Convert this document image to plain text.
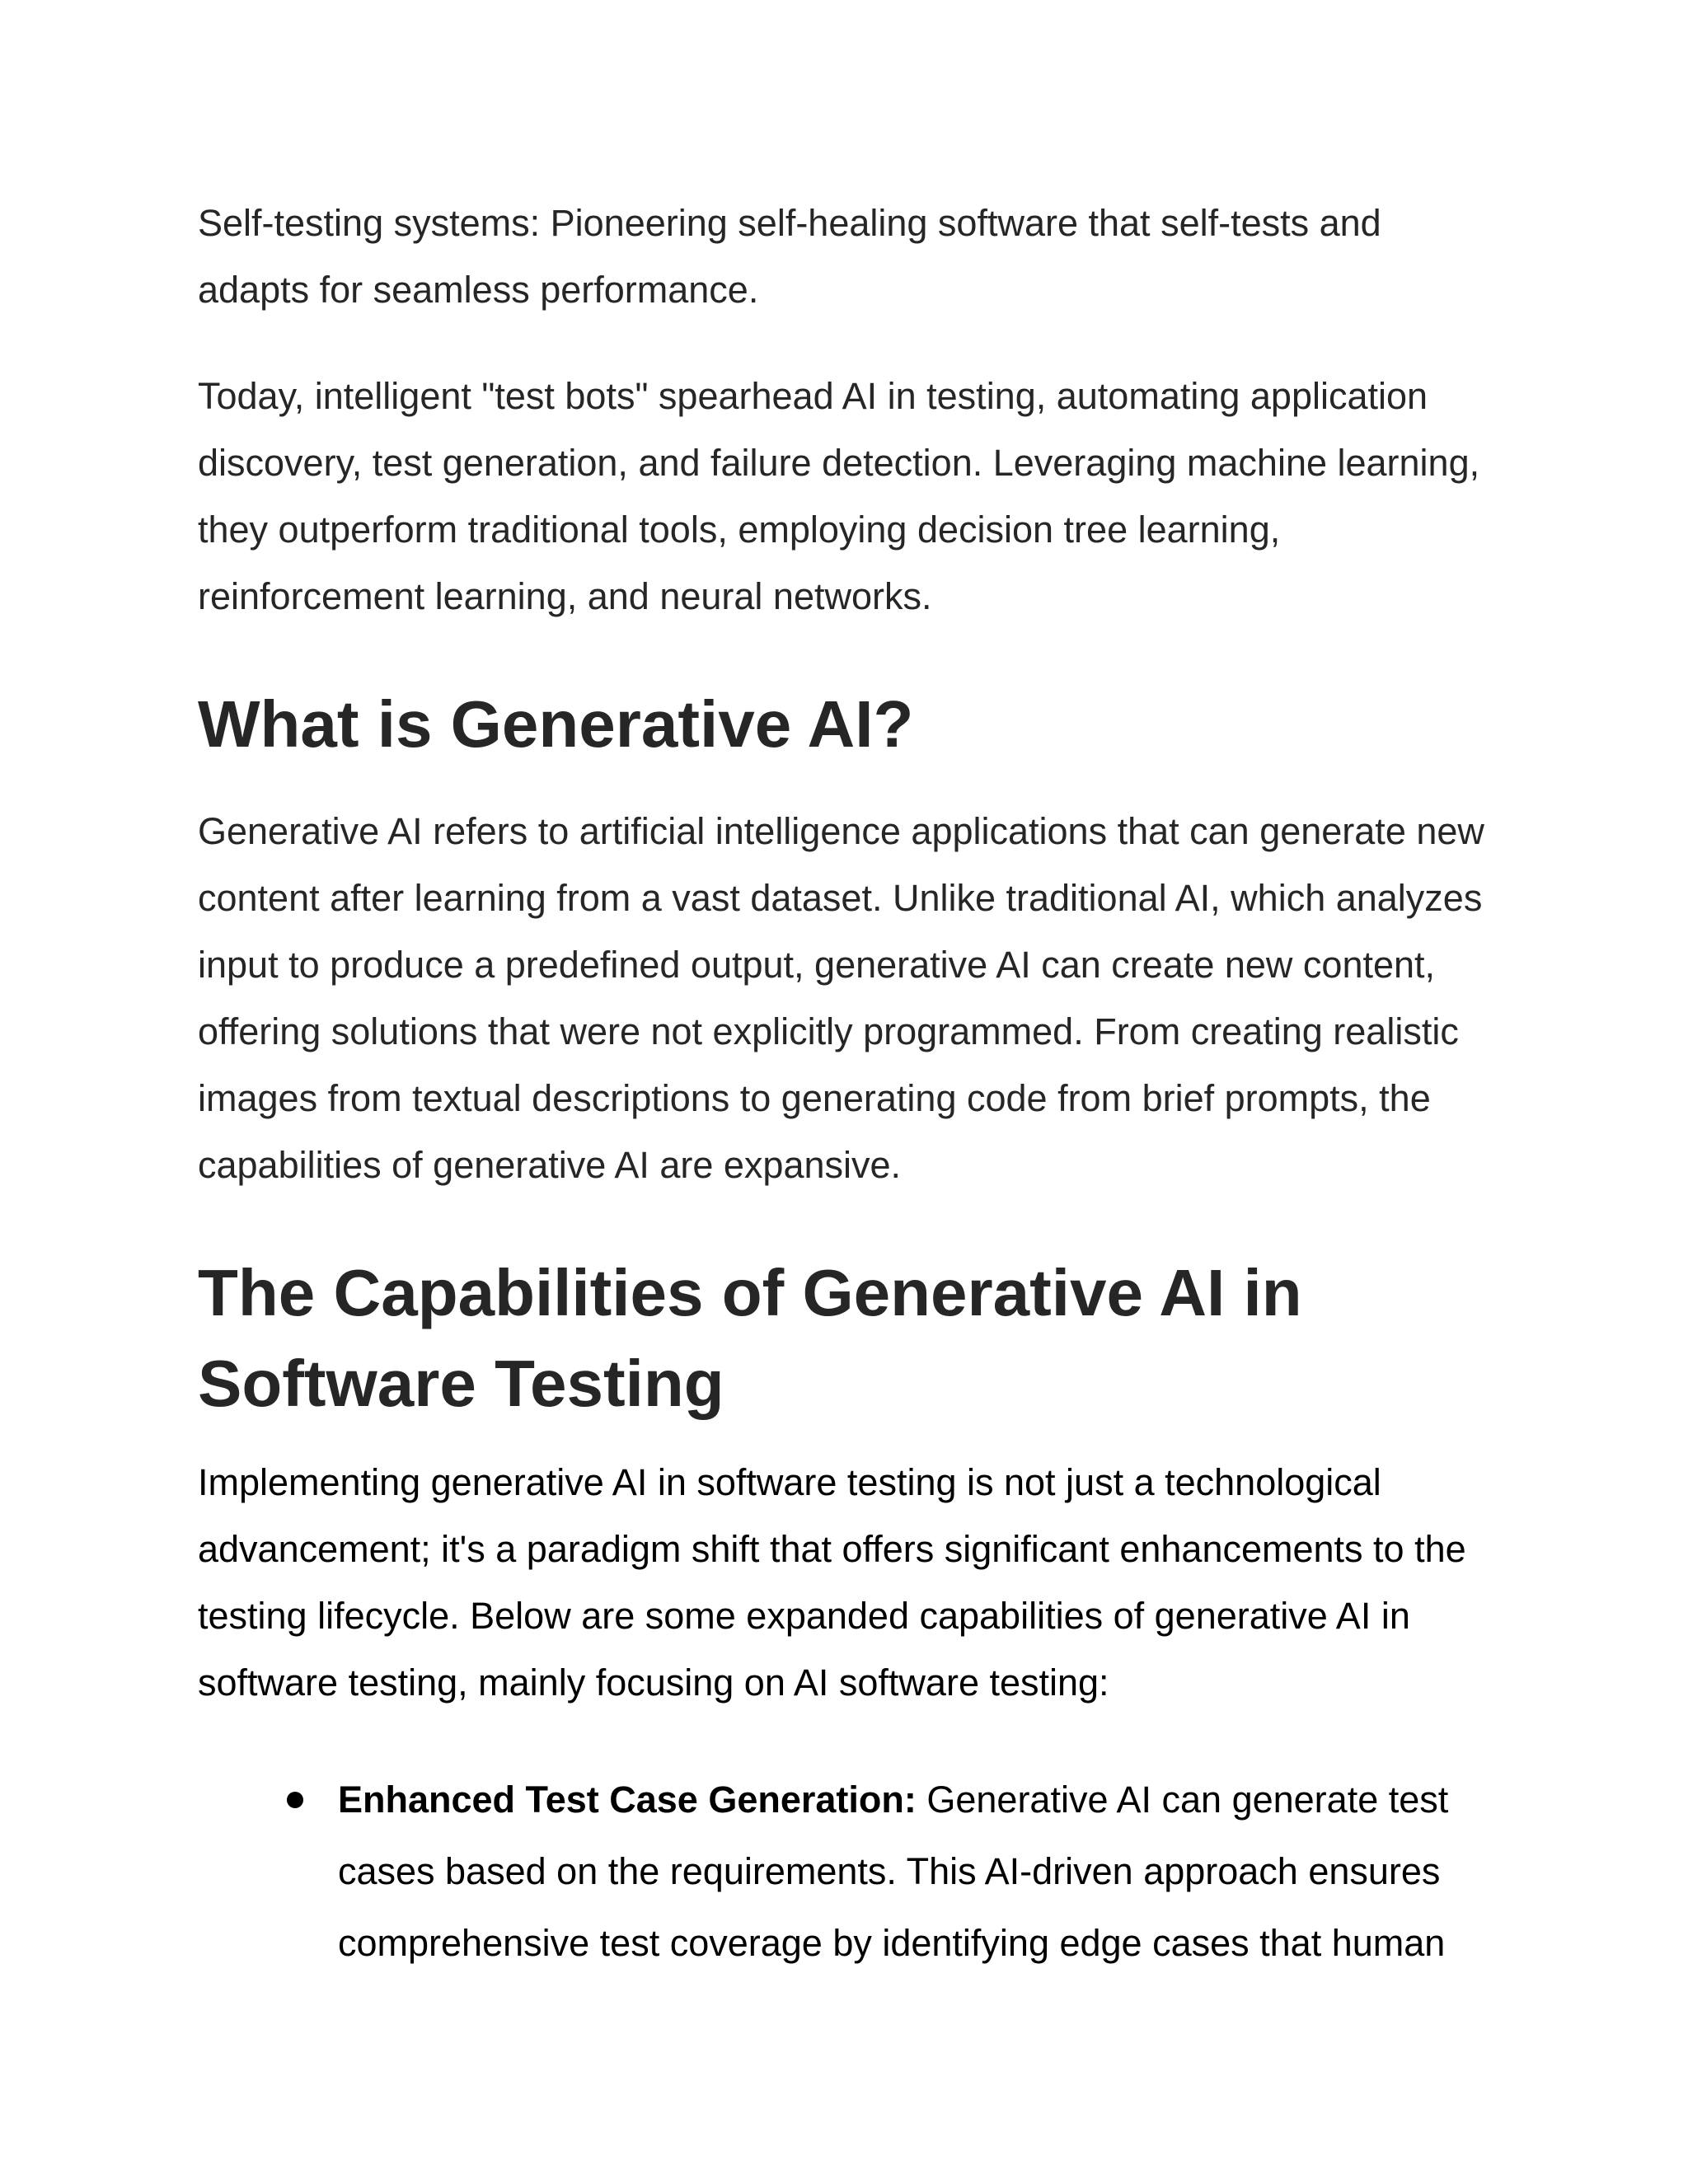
Self-testing systems: Pioneering self-healing software that self-tests and adapts for seamless performance.

Today, intelligent "test bots" spearhead AI in testing, automating application discovery, test generation, and failure detection. Leveraging machine learning, they outperform traditional tools, employing decision tree learning, reinforcement learning, and neural networks.

What is Generative AI?

Generative AI refers to artificial intelligence applications that can generate new content after learning from a vast dataset. Unlike traditional AI, which analyzes input to produce a predefined output, generative AI can create new content, offering solutions that were not explicitly programmed. From creating realistic images from textual descriptions to generating code from brief prompts, the capabilities of generative AI are expansive.

The Capabilities of Generative AI in Software Testing

Implementing generative AI in software testing is not just a technological advancement; it's a paradigm shift that offers significant enhancements to the testing lifecycle. Below are some expanded capabilities of generative AI in software testing, mainly focusing on AI software testing:

Enhanced Test Case Generation: Generative AI can generate test cases based on the requirements. This AI-driven approach ensures comprehensive test coverage by identifying edge cases that human
